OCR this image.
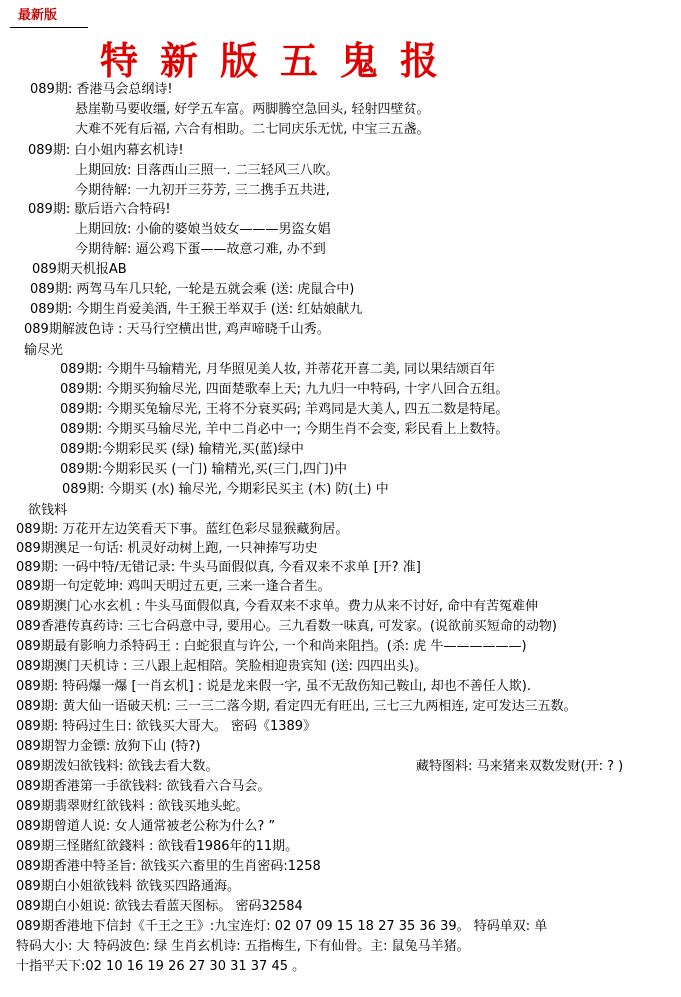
最新版
特新版五鬼报
089期: 香港马会总纲诗!
悬崖勒马要收缰, 好学五车富。两脚腾空急回头, 轻射四壁贫。
大难不死有后福, 六合有相助。二七同庆乐无忧, 中宝三五盏。
089期: 白小姐内幕玄机诗!
上期回放: 日落西山三照一. 二三轻风三八吹。
今期待解: 一九初开三芬芳, 三二携手五共进,
089期: 歇后语六合特码!
上期回放: 小偷的婆娘当妓女———男盗女娼
今期待解: 逼公鸡下蛋——故意刁难, 办不到
089期天机报AB
089期: 两驾马车几只轮, 一轮是五就会乘 (送: 虎鼠合中)
089期: 今期生肖爱美酒, 牛王猴王举双手 (送: 红姑娘献九
089期解波色诗 : 天马行空横出世, 鸡声啼晓千山秀。
输尽光
089期: 今期牛马输精光, 月华照见美人妆, 并蒂花开喜二美, 同以果结颂百年
089期: 今期买狗输尽光, 四面楚歌奉上天; 九九归一中特码, 十字八回合五组。
089期: 今期买兔输尽光, 王将不分衰买码; 羊鸡同是大美人, 四五二数是特尾。
089期: 今期买马输尽光, 羊中二肖必中一; 今期生肖不会变, 彩民看上上数特。
089期:今期彩民买 (绿) 输精光,买(蓝)绿中
089期:今期彩民买 (一门) 输精光,买(三门,四门)中
089期: 今期买 (水) 输尽光, 今期彩民买主 (木) 防(土) 中
欲钱料
089期: 万花开左边笑看天下事。蓝红色彩尽显猴藏狗居。
089期澳足一句话: 机灵好动树上跑, 一只神捧写功史
089期: 一码中特/无错记录: 牛头马面假似真, 今看双来不求单 [开? 准]
089期一句定乾坤: 鸡叫天明过五更, 三来一逢合者生。
089期澳门心水玄机 : 牛头马面假似真, 今看双来不求单。费力从来不讨好, 命中有苦冤难伸
089香港传真药诗: 三七合码意中寻, 要用心。三九看数一味真, 可发家。(说欲前买短命的动物)
089期最有影响力杀特码王 : 白蛇狠直与许公, 一个和尚来阻挡。(杀: 虎 牛——————)
089期澳门天机诗 : 三八跟上起相陪。笑脸相迎贵宾知 (送: 四四出头)。
089期: 特码爆一爆 [一肖玄机] : 说是龙来假一字, 虽不无敌伤知己鞍山, 却也不善任人欺).
089期: 黄大仙一语破天机: 三一三二落今期, 看定四无有旺出, 三七三九两相连, 定可发达三五数。
089期: 特码过生日: 欲钱买大哥大。 密码《1389》
089期智力金镖: 放狗下山 (特?)
089期泼妇欲钱料: 欲钱去看大数。
089期香港第一手欲钱料: 欲钱看六合马会。
089期翡翠财红欲钱料 : 欲钱买地头蛇。
089期曾道人说: 女人通常被老公称为什么? ”
089期三怪賭紅欲錢料 : 欲钱看1986年的11期。
089期香港中特圣旨: 欲钱买六畜里的生肖密码:1258
089期白小姐欲钱料 欲钱买四路通海。
089期白小姐说: 欲钱去看蓝天图标。 密码32584
089期香港地下信封《千王之王》:九宝连灯: 02 07 09 15 18 27 35 36 39。 特码单双: 单
特码大小: 大 特码波色: 绿 生肖玄机诗: 五指梅生, 下有仙骨。主: 鼠兔马羊猪。
十指平天下:02 10 16 19 26 27 30 31 37 45 。
藏特图料: 马来猪来双数发财(开: ? )
